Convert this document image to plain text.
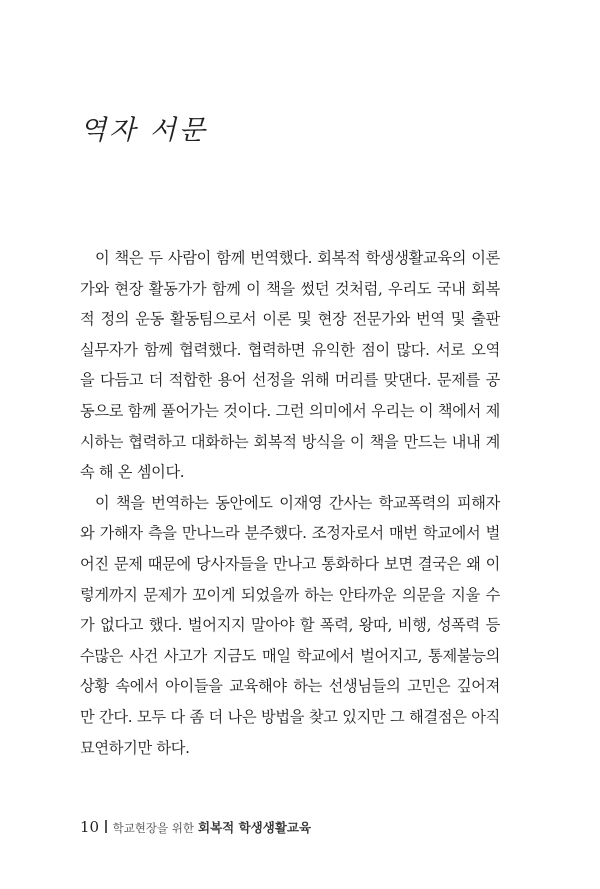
역자 서문

이 책은 두 사람이 함께 번역했다. 회복적 학생생활교육의 이론
가와 현장 활동가가 함께 이 책을 썼던 것처럼, 우리도 국내 회복
적 정의 운동 활동팀으로서 이론 및 현장 전문가와 번역 및 출판
실무자가 함께 협력했다. 협력하면 유익한 점이 많다. 서로 오역
을 다듬고 더 적합한 용어 선정을 위해 머리를 맞댄다. 문제를 공
동으로 함께 풀어가는 것이다. 그런 의미에서 우리는 이 책에서 제
시하는 협력하고 대화하는 회복적 방식을 이 책을 만드는 내내 계
속 해 온 셈이다.

이 책을 번역하는 동안에도 이재영 간사는 학교폭력의 피해자
와 가해자 측을 만나느라 분주했다. 조정자로서 매번 학교에서 벌
어진 문제 때문에 당사자들을 만나고 통화하다 보면 결국은 왜 이
렇게까지 문제가 꼬이게 되었을까 하는 안타까운 의문을 지울 수
가 없다고 했다. 벌어지지 말아야 할 폭력, 왕따, 비행, 성폭력 등
수많은 사건 사고가 지금도 매일 학교에서 벌어지고, 통제불능의
상황 속에서 아이들을 교육해야 하는 선생님들의 고민은 깊어져
만 간다. 모두 다 좀 더 나은 방법을 찾고 있지만 그 해결점은 아직
묘연하기만 하다.

10 학교현장을 위한 회복적 학생생활교육
